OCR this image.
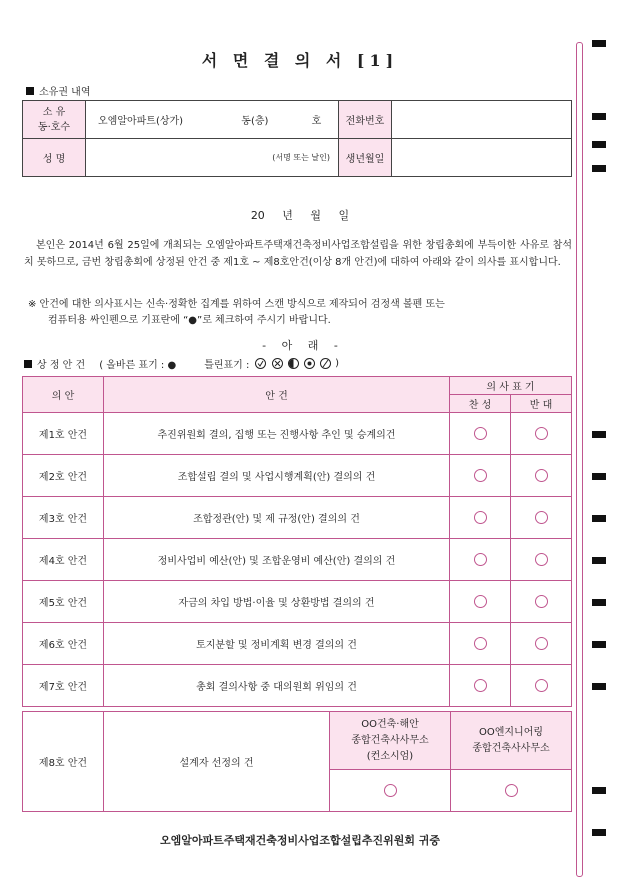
서 면 결 의 서 [1]
소유권 내역
소 유
동·호수	오엠알아파트(상가) 동(층) 호	전화번호	
성 명	(서명 또는 날인)	생년월일	
20 년 월 일
본인은 2014년 6월 25일에 개최되는 오엠알아파트주택재건축정비사업조합설립을 위한 창립총회에 부득이한 사유로 참석치 못하므로, 금번 창립총회에 상정된 안건 중 제1호 ~ 제8호안건(이상 8개 안건)에 대하여 아래와 같이 의사를 표시합니다.
※ 안건에 대한 의사표시는 신속·정확한 집계를 위하여 스캔 방식으로 제작되어 검정색 볼펜 또는
컴퓨터용 싸인펜으로 기표란에 “●”로 체크하여 주시기 바랍니다.
- 아 래 -
상 정 안 건 ( 올바른 표기 : ●	틀린표기 :

	)
의 안	안 건	의 사 표 기	
		찬 성	반 대
제1호 안건	추진위원회 결의, 집행 또는 진행사항 추인 및 승계의건		
제2호 안건	조합설립 결의 및 사업시행계획(안) 결의의 건		
제3호 안건	조합정관(안) 및 제 규정(안) 결의의 건		
제4호 안건	정비사업비 예산(안) 및 조합운영비 예산(안) 결의의 건		
제5호 안건	자금의 차입 방법·이율 및 상환방법 결의의 건		
제6호 안건	토지분할 및 정비계획 변경 결의의 건		
제7호 안건	총회 결의사항 중 대의원회 위임의 건		
제8호 안건	설계자 선정의 건	OO건축·해안
종합건축사사무소
(컨소시엄)	OO엔지니어링
종합건축사사무소

오엠알아파트주택재건축정비사업조합설립추진위원회 귀중
